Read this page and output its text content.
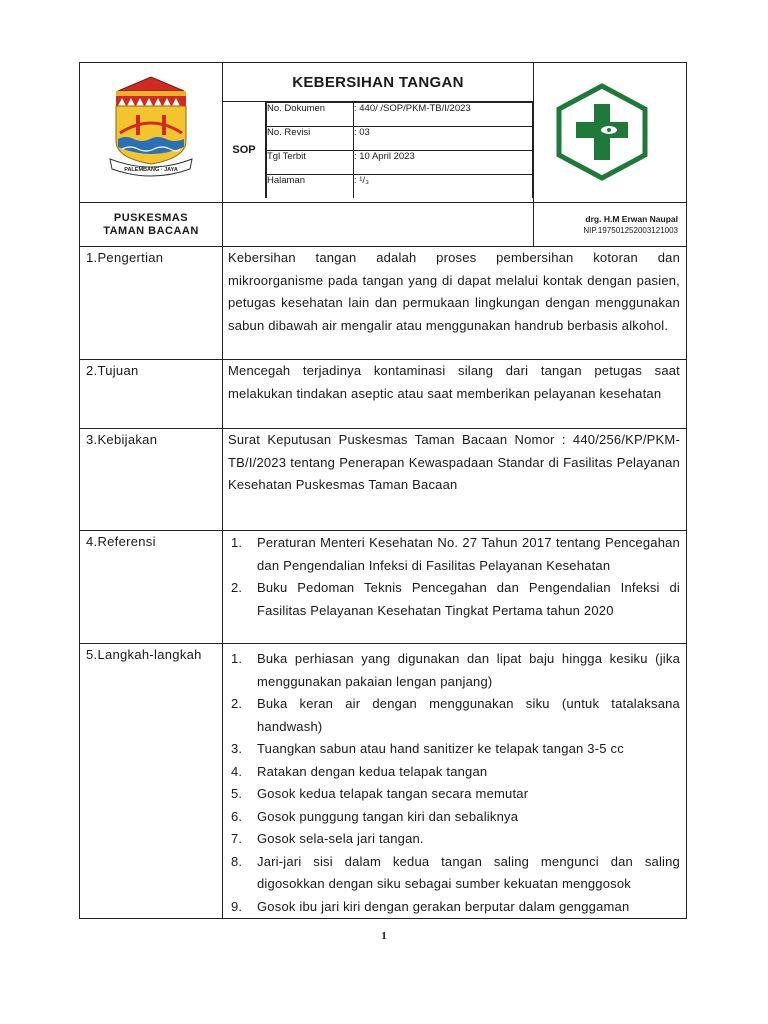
PALEMBANG · JAYA
	KEBERSIHAN TANGAN	

SOP	
No. Dokumen	: 440/ /SOP/PKM-TB/I/2023
No. Revisi	: 03
Tgl Terbit	: 10 April 2023
Halaman	: ¹/₃

PUSKESMAS
TAMAN BACAAN

drg. H.M Erwan Naupal
NIP.197501252003121003

1.Pengertian	Kebersihan tangan adalah proses pembersihan kotoran dan mikroorganisme pada tangan yang di dapat melalui kontak dengan pasien, petugas kesehatan lain dan permukaan lingkungan dengan menggunakan sabun dibawah air mengalir atau menggunakan handrub berbasis alkohol.

2.Tujuan	Mencegah terjadinya kontaminasi silang dari tangan petugas saat melakukan tindakan aseptic atau saat memberikan pelayanan kesehatan

3.Kebijakan	Surat Keputusan Puskesmas Taman Bacaan Nomor : 440/256/KP/PKM-TB/I/2023 tentang Penerapan Kewaspadaan Standar di Fasilitas Pelayanan Kesehatan Puskesmas Taman Bacaan

4.Referensi	1. Peraturan Menteri Kesehatan No. 27 Tahun 2017 tentang Pencegahan dan Pengendalian Infeksi di Fasilitas Pelayanan Kesehatan
2. Buku Pedoman Teknis Pencegahan dan Pengendalian Infeksi di Fasilitas Pelayanan Kesehatan Tingkat Pertama tahun 2020

5.Langkah-langkah	1. Buka perhiasan yang digunakan dan lipat baju hingga kesiku (jika menggunakan pakaian lengan panjang)
2. Buka keran air dengan menggunakan siku (untuk tatalaksana handwash)
3. Tuangkan sabun atau hand sanitizer ke telapak tangan 3-5 cc
4. Ratakan dengan kedua telapak tangan
5. Gosok kedua telapak tangan secara memutar
6. Gosok punggung tangan kiri dan sebaliknya
7. Gosok sela-sela jari tangan.
8. Jari-jari sisi dalam kedua tangan saling mengunci dan saling digosokkan dengan siku sebagai sumber kekuatan menggosok
9. Gosok ibu jari kiri dengan gerakan berputar dalam genggaman
1
